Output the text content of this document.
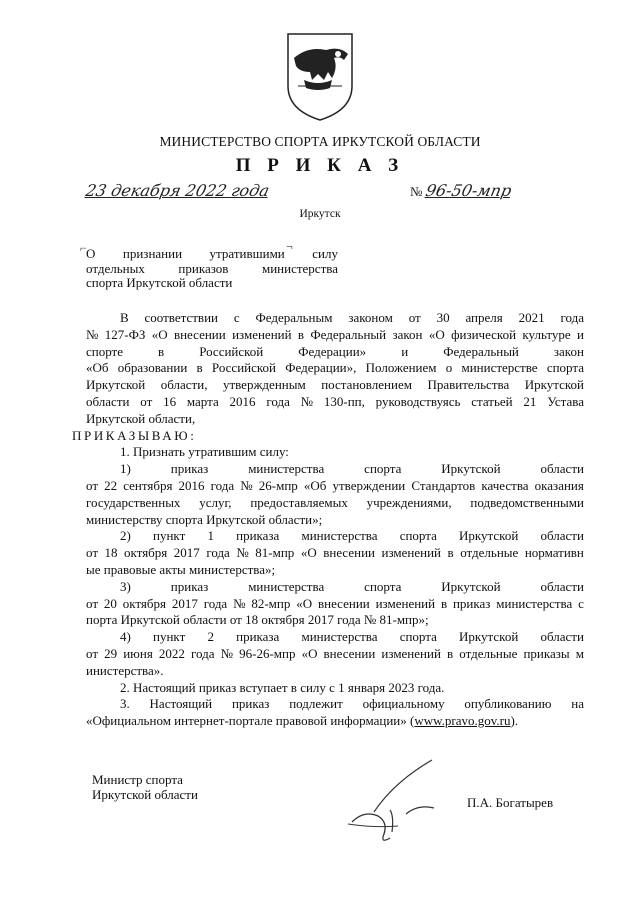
МИНИСТЕРСТВО СПОРТА ИРКУТСКОЙ ОБЛАСТИ
П Р И К А З
23 декабря 2022 года	№ 96-50-мпр
Иркутск
⌐	¬
О признании утратившими силу
отдельных	приказов	министерства
спорта Иркутской области
В соответствии с Федеральным законом от 30 апреля 2021 года
№ 127-ФЗ «О внесении изменений в Федеральный закон «О физической культуре и
спорте	в	Российской	Федерации»	и	Федеральный	закон
«Об образовании в Российской Федерации», Положением о министерстве спорта
Иркутской области, утвержденным постановлением Правительства Иркутской
области от 16 марта 2016 года № 130-пп, руководствуясь статьей 21 Устава
Иркутской области,
ПРИКАЗЫВАЮ:
1. Признать утратившим силу:
1)	приказ	министерства	спорта	Иркутской	области
от 22 сентября 2016 года № 26-мпр «Об утверждении Стандартов качества оказания
государственных услуг, предоставляемых учреждениями, подведомственными
министерству спорта Иркутской области»;
2) пункт 1 приказа министерства спорта Иркутской области
от 18 октября 2017 года № 81-мпр «О внесении изменений в отдельные нормативн
ые правовые акты министерства»;
3)	приказ	министерства	спорта	Иркутской	области
от 20 октября 2017 года № 82-мпр «О внесении изменений в приказ министерства с
порта Иркутской области от 18 октября 2017 года № 81-мпр»;
4) пункт 2 приказа министерства спорта Иркутской области
от 29 июня 2022 года № 96-26-мпр «О внесении изменений в отдельные приказы м
инистерства».
2. Настоящий приказ вступает в силу с 1 января 2023 года.
3. Настоящий приказ подлежит официальному опубликованию на
«Официальном интернет-портале правовой информации» (www.pravo.gov.ru).
Министр спорта
Иркутской области
П.А. Богатырев
